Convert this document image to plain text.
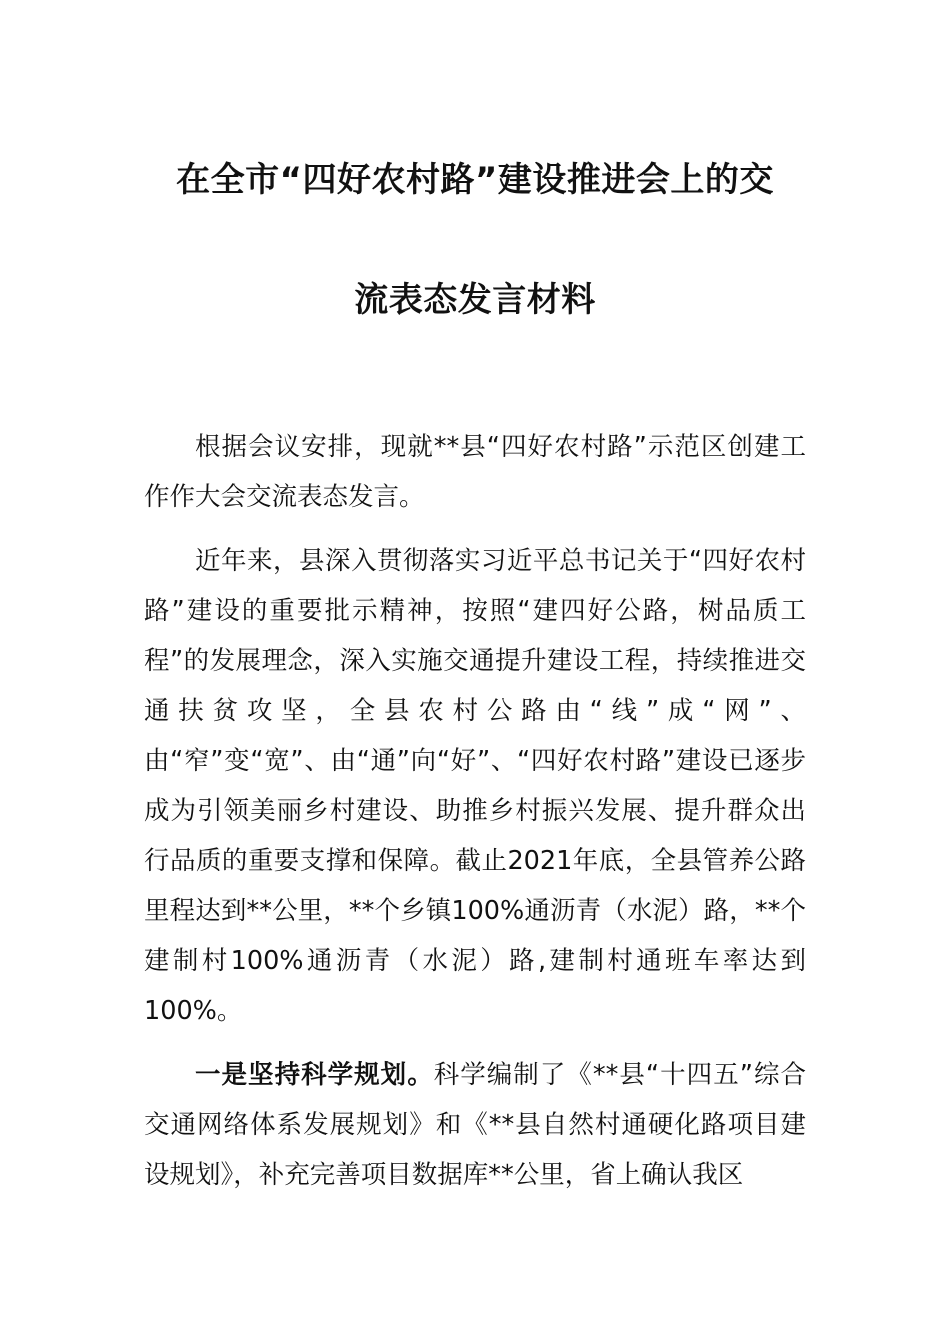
在全市“四好农村路”建设推进会上的交
流表态发言材料

根据会议安排，现就**县“四好农村路”示范区创建工作作大会交流表态发言。

近年来，县深入贯彻落实习近平总书记关于“四好农村路”建设的重要批示精神，按照“建四好公路，树品质工程”的发展理念，深入实施交通提升建设工程，持续推进交通扶贫攻坚，全县农村公路由“线”成“网”、由“窄”变“宽”、由“通”向“好”、“四好农村路”建设已逐步成为引领美丽乡村建设、助推乡村振兴发展、提升群众出行品质的重要支撑和保障。截止2021年底，全县管养公路里程达到**公里，**个乡镇100%通沥青（水泥）路，**个建制村100%通沥青（水泥）路,建制村通班车率达到100%。

一是坚持科学规划。科学编制了《**县“十四五”综合交通网络体系发展规划》和《**县自然村通硬化路项目建设规划》，补充完善项目数据库**公里，省上确认我区
